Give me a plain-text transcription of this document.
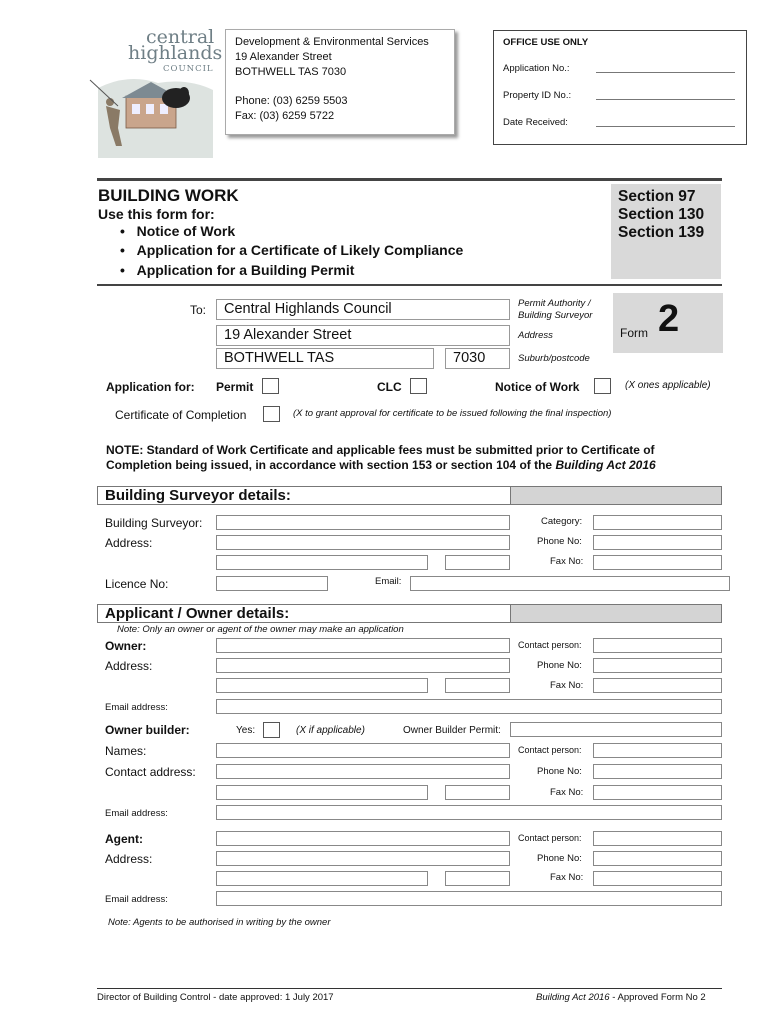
central
highlands
COUNCIL
Development & Environmental Services
19 Alexander Street
BOTHWELL TAS 7030
Phone: (03) 6259 5503
Fax: (03) 6259 5722
OFFICE USE ONLY
Application No.:
Property ID No.:
Date Received:
BUILDING WORK
Use this form for:
•   Notice of Work
•   Application for a Certificate of Likely Compliance
•   Application for a Building Permit
Section 97
Section 130
Section 139
To:	Central Highlands Council
19 Alexander Street
BOTHWELL TAS	7030
Permit Authority /
Building Surveyor
Address
Suburb/postcode
Form 2
Application for: Permit	CLC	Notice of Work	(X ones applicable)
Certificate of Completion	(X to grant approval for certificate to be issued following the final inspection)
NOTE: Standard of Work Certificate and applicable fees must be submitted prior to Certificate of
Completion being issued, in accordance with section 153 or section 104 of the Building Act 2016
Building Surveyor details:
Building Surveyor:	Category:
Address:	Phone No:
Fax No:
Licence No:	Email:
Applicant / Owner details:
Note: Only an owner or agent of the owner may make an application
Owner:	Contact person:
Address:	Phone No:
Fax No:
Email address:
Owner builder:	Yes:	(X if applicable)	Owner Builder Permit:
Names:	Contact person:
Contact address:	Phone No:
Fax No:
Email address:
Agent:	Contact person:
Address:	Phone No:
Fax No:
Email address:
Note: Agents to be authorised in writing by the owner
Director of Building Control - date approved: 1 July 2017	Building Act 2016 - Approved Form No 2
